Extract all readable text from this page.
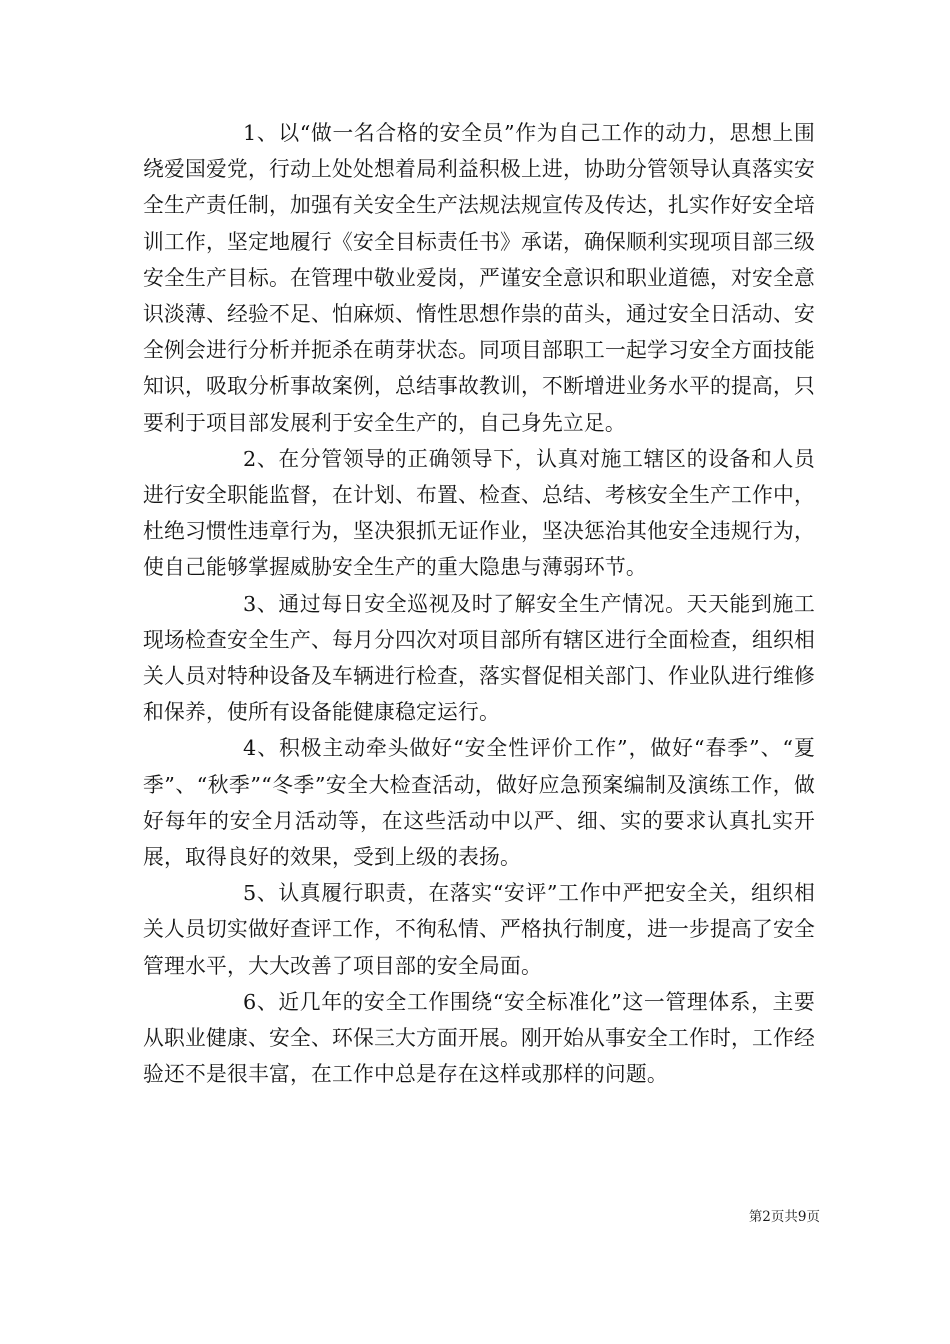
1、以“做一名合格的安全员”作为自己工作的动力，思想上围绕爱国爱党，行动上处处想着局利益积极上进，协助分管领导认真落实安全生产责任制，加强有关安全生产法规法规宣传及传达，扎实作好安全培训工作，坚定地履行《安全目标责任书》承诺，确保顺利实现项目部三级安全生产目标。在管理中敬业爱岗，严谨安全意识和职业道德，对安全意识淡薄、经验不足、怕麻烦、惰性思想作祟的苗头，通过安全日活动、安全例会进行分析并扼杀在萌芽状态。同项目部职工一起学习安全方面技能知识，吸取分析事故案例，总结事故教训，不断增进业务水平的提高，只要利于项目部发展利于安全生产的，自己身先立足。

2、在分管领导的正确领导下，认真对施工辖区的设备和人员进行安全职能监督，在计划、布置、检查、总结、考核安全生产工作中，杜绝习惯性违章行为，坚决狠抓无证作业，坚决惩治其他安全违规行为，使自己能够掌握威胁安全生产的重大隐患与薄弱环节。

3、通过每日安全巡视及时了解安全生产情况。天天能到施工现场检查安全生产、每月分四次对项目部所有辖区进行全面检查，组织相关人员对特种设备及车辆进行检查，落实督促相关部门、作业队进行维修和保养，使所有设备能健康稳定运行。

4、积极主动牵头做好“安全性评价工作”，做好“春季”、“夏季”、“秋季”“冬季”安全大检查活动，做好应急预案编制及演练工作，做好每年的安全月活动等，在这些活动中以严、细、实的要求认真扎实开展，取得良好的效果，受到上级的表扬。

5、认真履行职责，在落实“安评”工作中严把安全关，组织相关人员切实做好查评工作，不徇私情、严格执行制度，进一步提高了安全管理水平，大大改善了项目部的安全局面。

6、近几年的安全工作围绕“安全标准化”这一管理体系，主要从职业健康、安全、环保三大方面开展。刚开始从事安全工作时，工作经验还不是很丰富，在工作中总是存在这样或那样的问题。

第2页共9页
